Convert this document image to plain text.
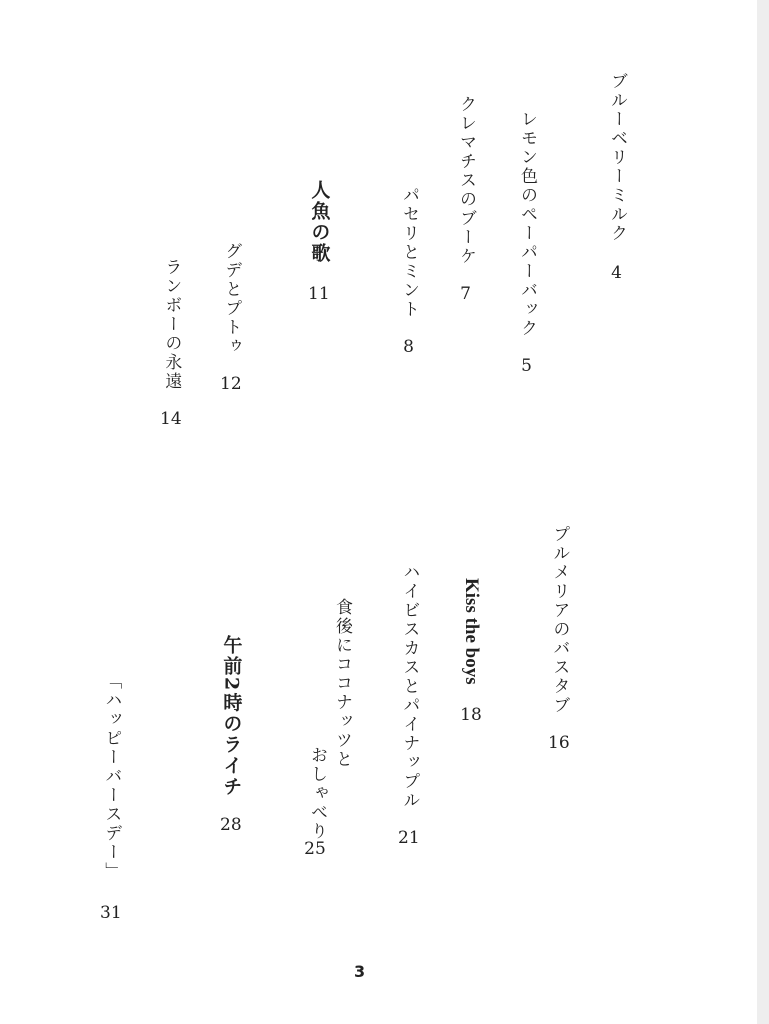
ブルーベリーミルク
4
レモン色のペーパーバック
5
クレマチスのブーケ
7
パセリとミント
8
人魚の歌
11
グデとプトゥ
12
ランボーの永遠
14
プルメリアのバスタブ
16
Kiss the boys
18
ハイビスカスとパイナップル
21
食後にココナッツと
おしゃべり
25
午前2時のライチ
28
「ハッピーバースデー」
31
3
